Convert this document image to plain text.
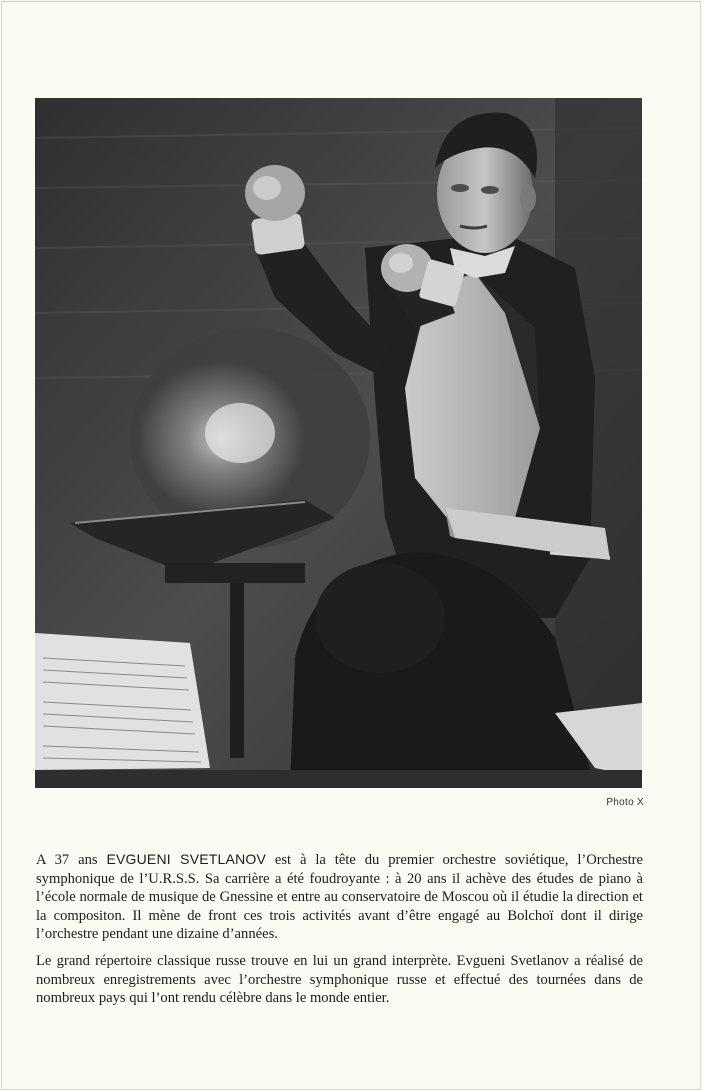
Photo X

A 37 ans EVGUENI SVETLANOV est à la tête du premier orchestre soviétique, l’Orchestre symphonique de l’U.R.S.S. Sa carrière a été foudroyante : à 20 ans il achève des études de piano à l’école normale de musique de Gnessine et entre au conservatoire de Moscou où il étudie la direction et la compositon. Il mène de front ces trois activités avant d’être engagé au Bolchoï dont il dirige l’orchestre pendant une dizaine d’années.

Le grand répertoire classique russe trouve en lui un grand interprète. Evgueni Svetlanov a réalisé de nombreux enregistrements avec l’orchestre symphonique russe et effectué des tournées dans de nombreux pays qui l’ont rendu célèbre dans le monde entier.
